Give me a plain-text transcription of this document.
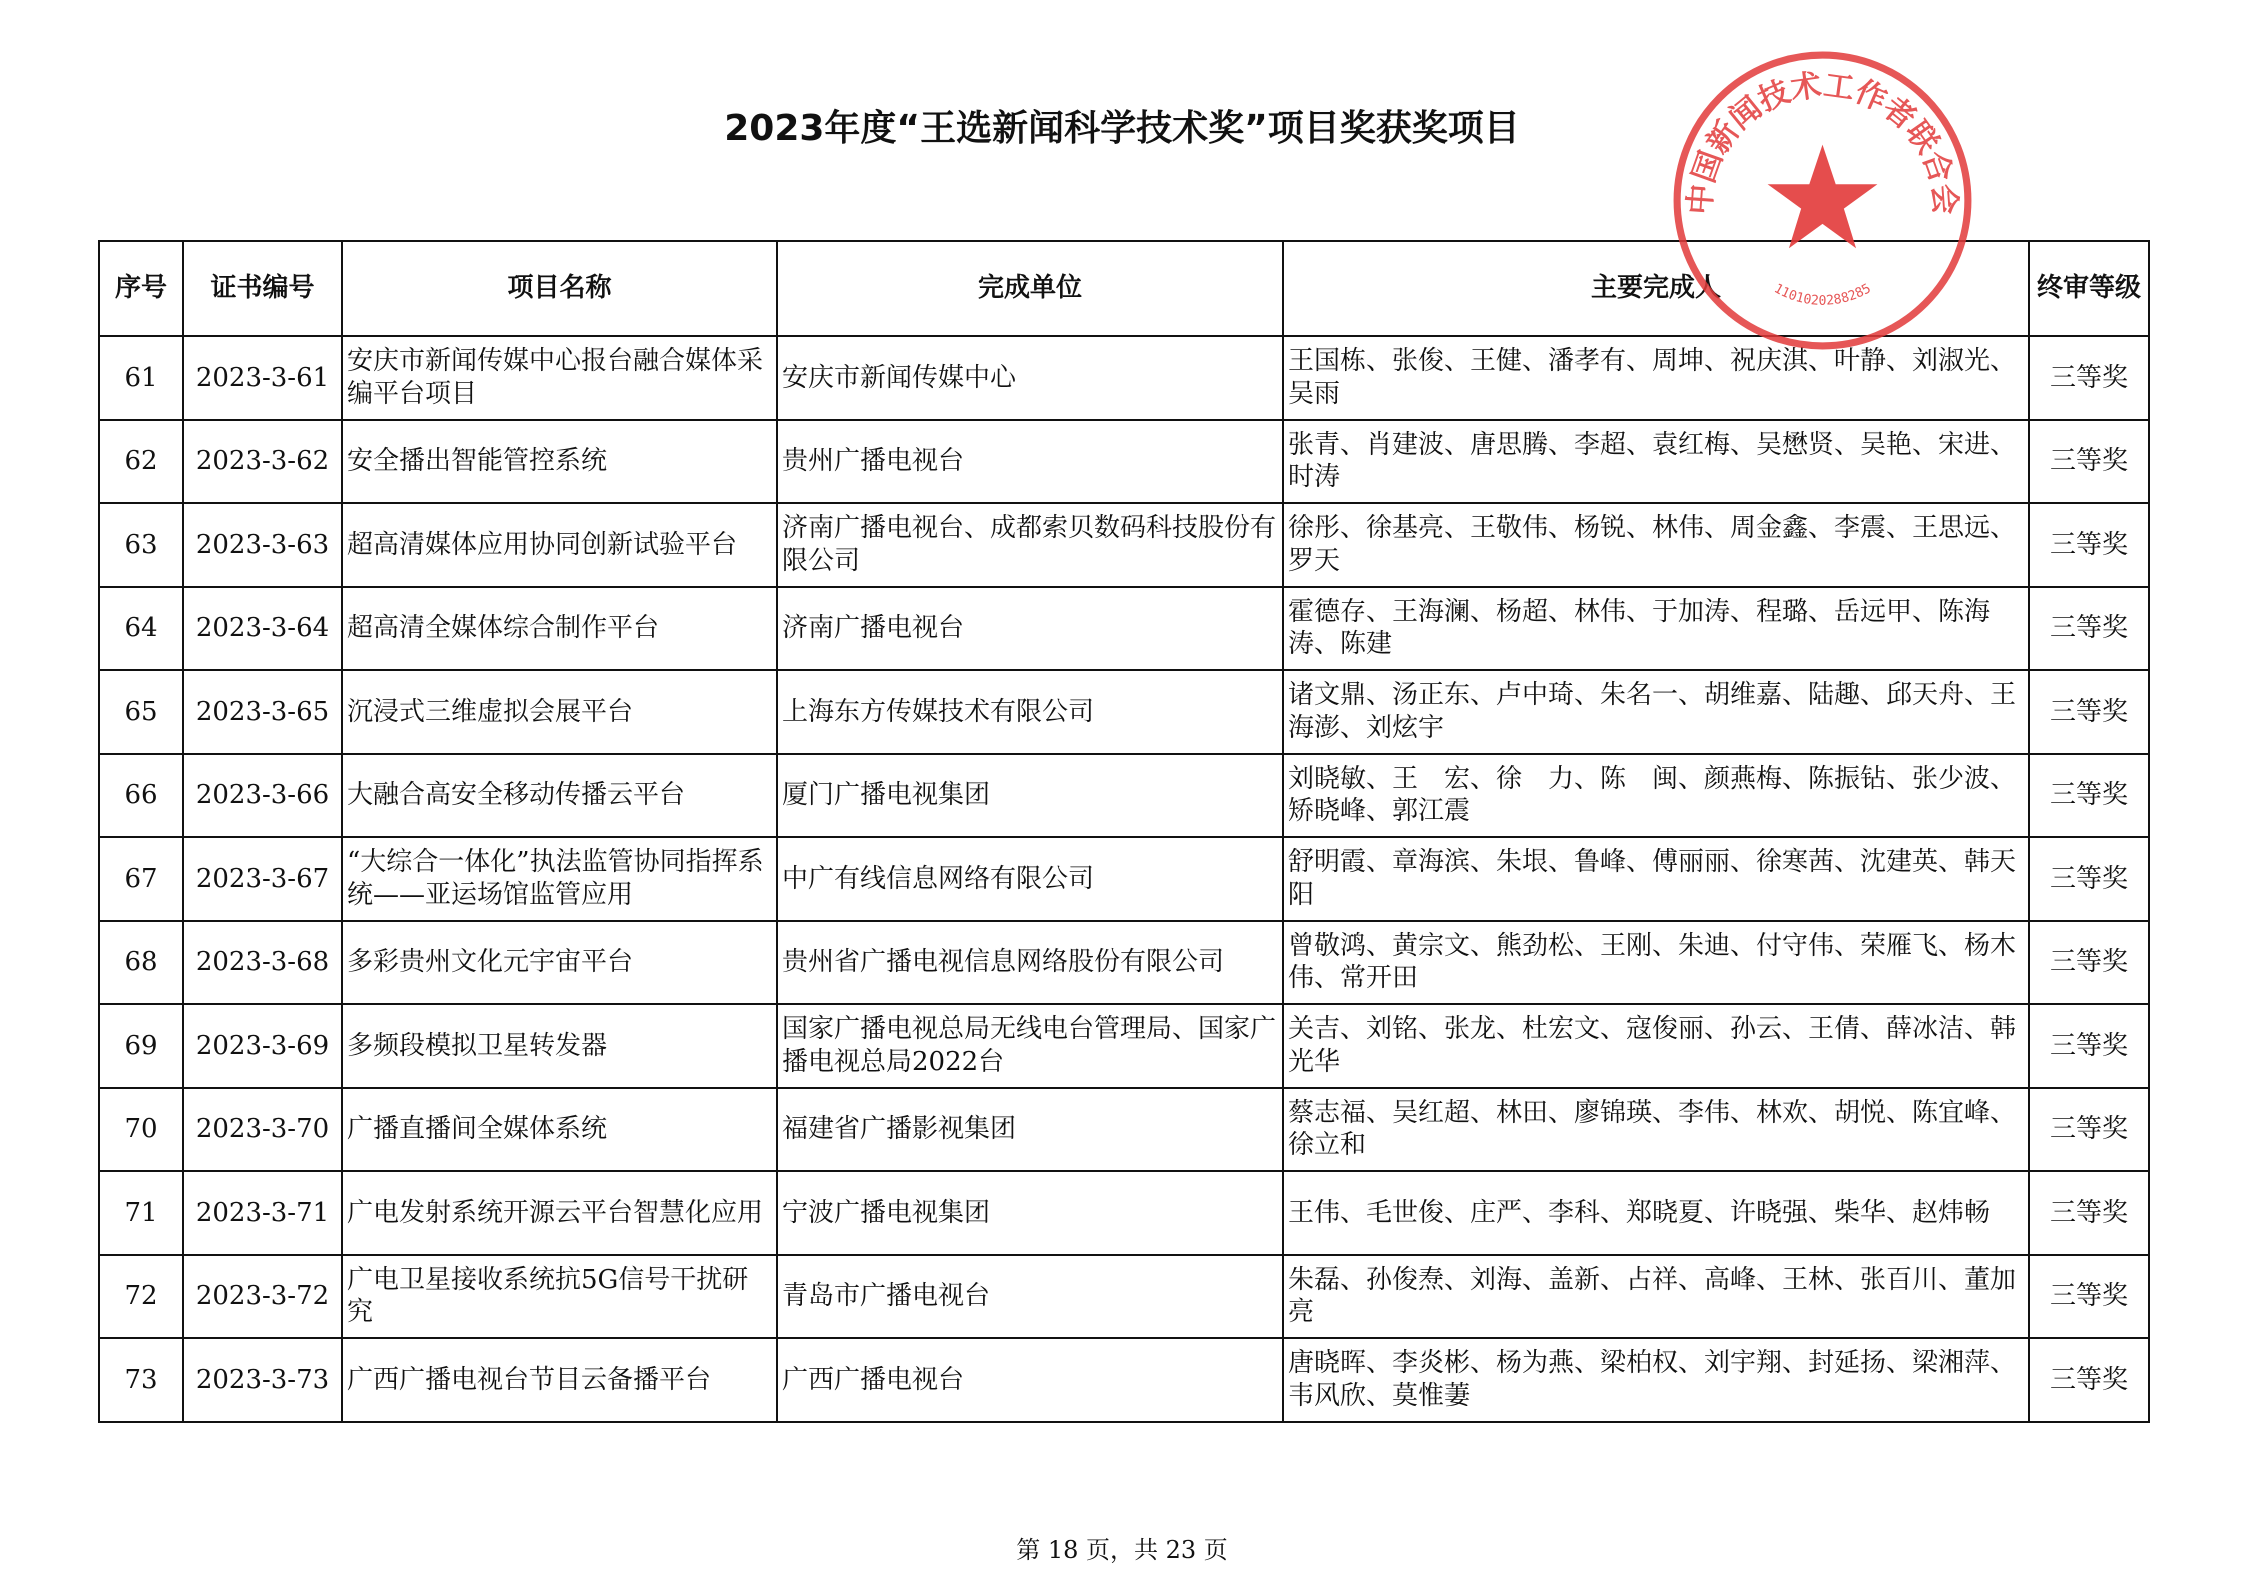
2023年度“王选新闻科学技术奖”项目奖获奖项目
序号	证书编号	项目名称	完成单位	主要完成人	终审等级
61	2023-3-61	安庆市新闻传媒中心报台融合媒体采编平台项目	安庆市新闻传媒中心	王国栋、张俊、王健、潘孝有、周坤、祝庆淇、叶静、刘淑光、吴雨	三等奖
62	2023-3-62	安全播出智能管控系统	贵州广播电视台	张青、肖建波、唐思腾、李超、袁红梅、吴懋贤、吴艳、宋进、时涛	三等奖
63	2023-3-63	超高清媒体应用协同创新试验平台	济南广播电视台、成都索贝数码科技股份有限公司	徐彤、徐基亮、王敬伟、杨锐、林伟、周金鑫、李震、王思远、罗天	三等奖
64	2023-3-64	超高清全媒体综合制作平台	济南广播电视台	霍德存、王海澜、杨超、林伟、于加涛、程璐、岳远甲、陈海涛、陈建	三等奖
65	2023-3-65	沉浸式三维虚拟会展平台	上海东方传媒技术有限公司	诸文鼎、汤正东、卢中琦、朱名一、胡维嘉、陆趣、邱天舟、王海澎、刘炫宇	三等奖
66	2023-3-66	大融合高安全移动传播云平台	厦门广播电视集团	刘晓敏、王　宏、徐　力、陈　闽、颜燕梅、陈振钻、张少波、矫晓峰、郭江震	三等奖
67	2023-3-67	“大综合一体化”执法监管协同指挥系统——亚运场馆监管应用	中广有线信息网络有限公司	舒明霞、章海滨、朱垠、鲁峰、傅丽丽、徐寒茜、沈建英、韩天阳	三等奖
68	2023-3-68	多彩贵州文化元宇宙平台	贵州省广播电视信息网络股份有限公司	曾敬鸿、黄宗文、熊劲松、王刚、朱迪、付守伟、荣雁飞、杨木伟、常开田	三等奖
69	2023-3-69	多频段模拟卫星转发器	国家广播电视总局无线电台管理局、国家广播电视总局2022台	关吉、刘铭、张龙、杜宏文、寇俊丽、孙云、王倩、薛冰洁、韩光华	三等奖
70	2023-3-70	广播直播间全媒体系统	福建省广播影视集团	蔡志福、吴红超、林田、廖锦瑛、李伟、林欢、胡悦、陈宜峰、徐立和	三等奖
71	2023-3-71	广电发射系统开源云平台智慧化应用	宁波广播电视集团	王伟、毛世俊、庄严、李科、郑晓夏、许晓强、柴华、赵炜畅	三等奖
72	2023-3-72	广电卫星接收系统抗5G信号干扰研究	青岛市广播电视台	朱磊、孙俊焘、刘海、盖新、占祥、高峰、王林、张百川、董加亮	三等奖
73	2023-3-73	广西广播电视台节目云备播平台	广西广播电视台	唐晓晖、李炎彬、杨为燕、梁柏权、刘宇翔、封延扬、梁湘萍、韦风欣、莫惟萋	三等奖
中国新闻技术工作者联合会
1101020288285
第 18 页，共 23 页
